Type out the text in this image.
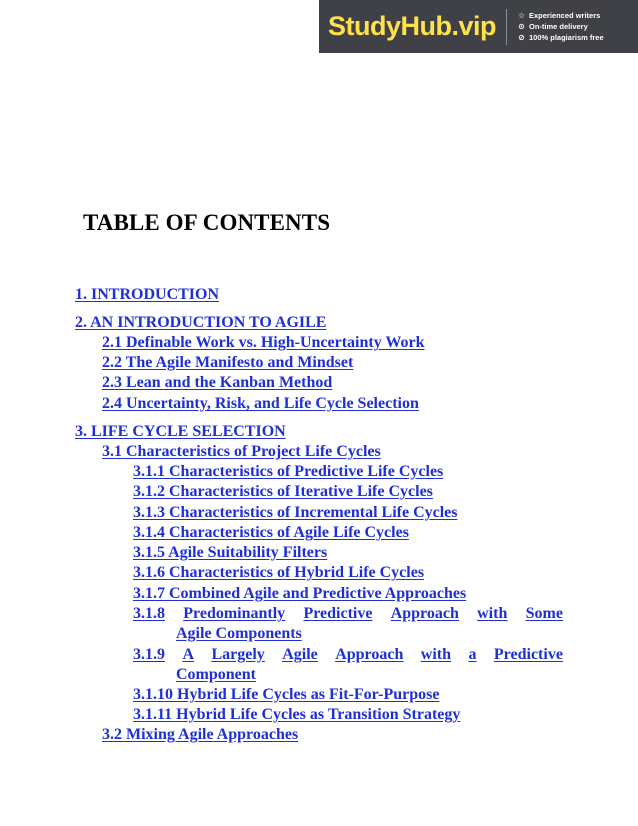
StudyHub.vip	☆ Experienced writers
⊙ On-time delivery
⊘ 100% plagiarism free
TABLE OF CONTENTS
1. INTRODUCTION
2. AN INTRODUCTION TO AGILE
2.1 Definable Work vs. High-Uncertainty Work
2.2 The Agile Manifesto and Mindset
2.3 Lean and the Kanban Method
2.4 Uncertainty, Risk, and Life Cycle Selection
3. LIFE CYCLE SELECTION
3.1 Characteristics of Project Life Cycles
3.1.1 Characteristics of Predictive Life Cycles
3.1.2 Characteristics of Iterative Life Cycles
3.1.3 Characteristics of Incremental Life Cycles
3.1.4 Characteristics of Agile Life Cycles
3.1.5 Agile Suitability Filters
3.1.6 Characteristics of Hybrid Life Cycles
3.1.7 Combined Agile and Predictive Approaches
3.1.8 Predominantly Predictive Approach with Some
Agile Components
3.1.9 A Largely Agile Approach with a Predictive
Component
3.1.10 Hybrid Life Cycles as Fit-For-Purpose
3.1.11 Hybrid Life Cycles as Transition Strategy
3.2 Mixing Agile Approaches
